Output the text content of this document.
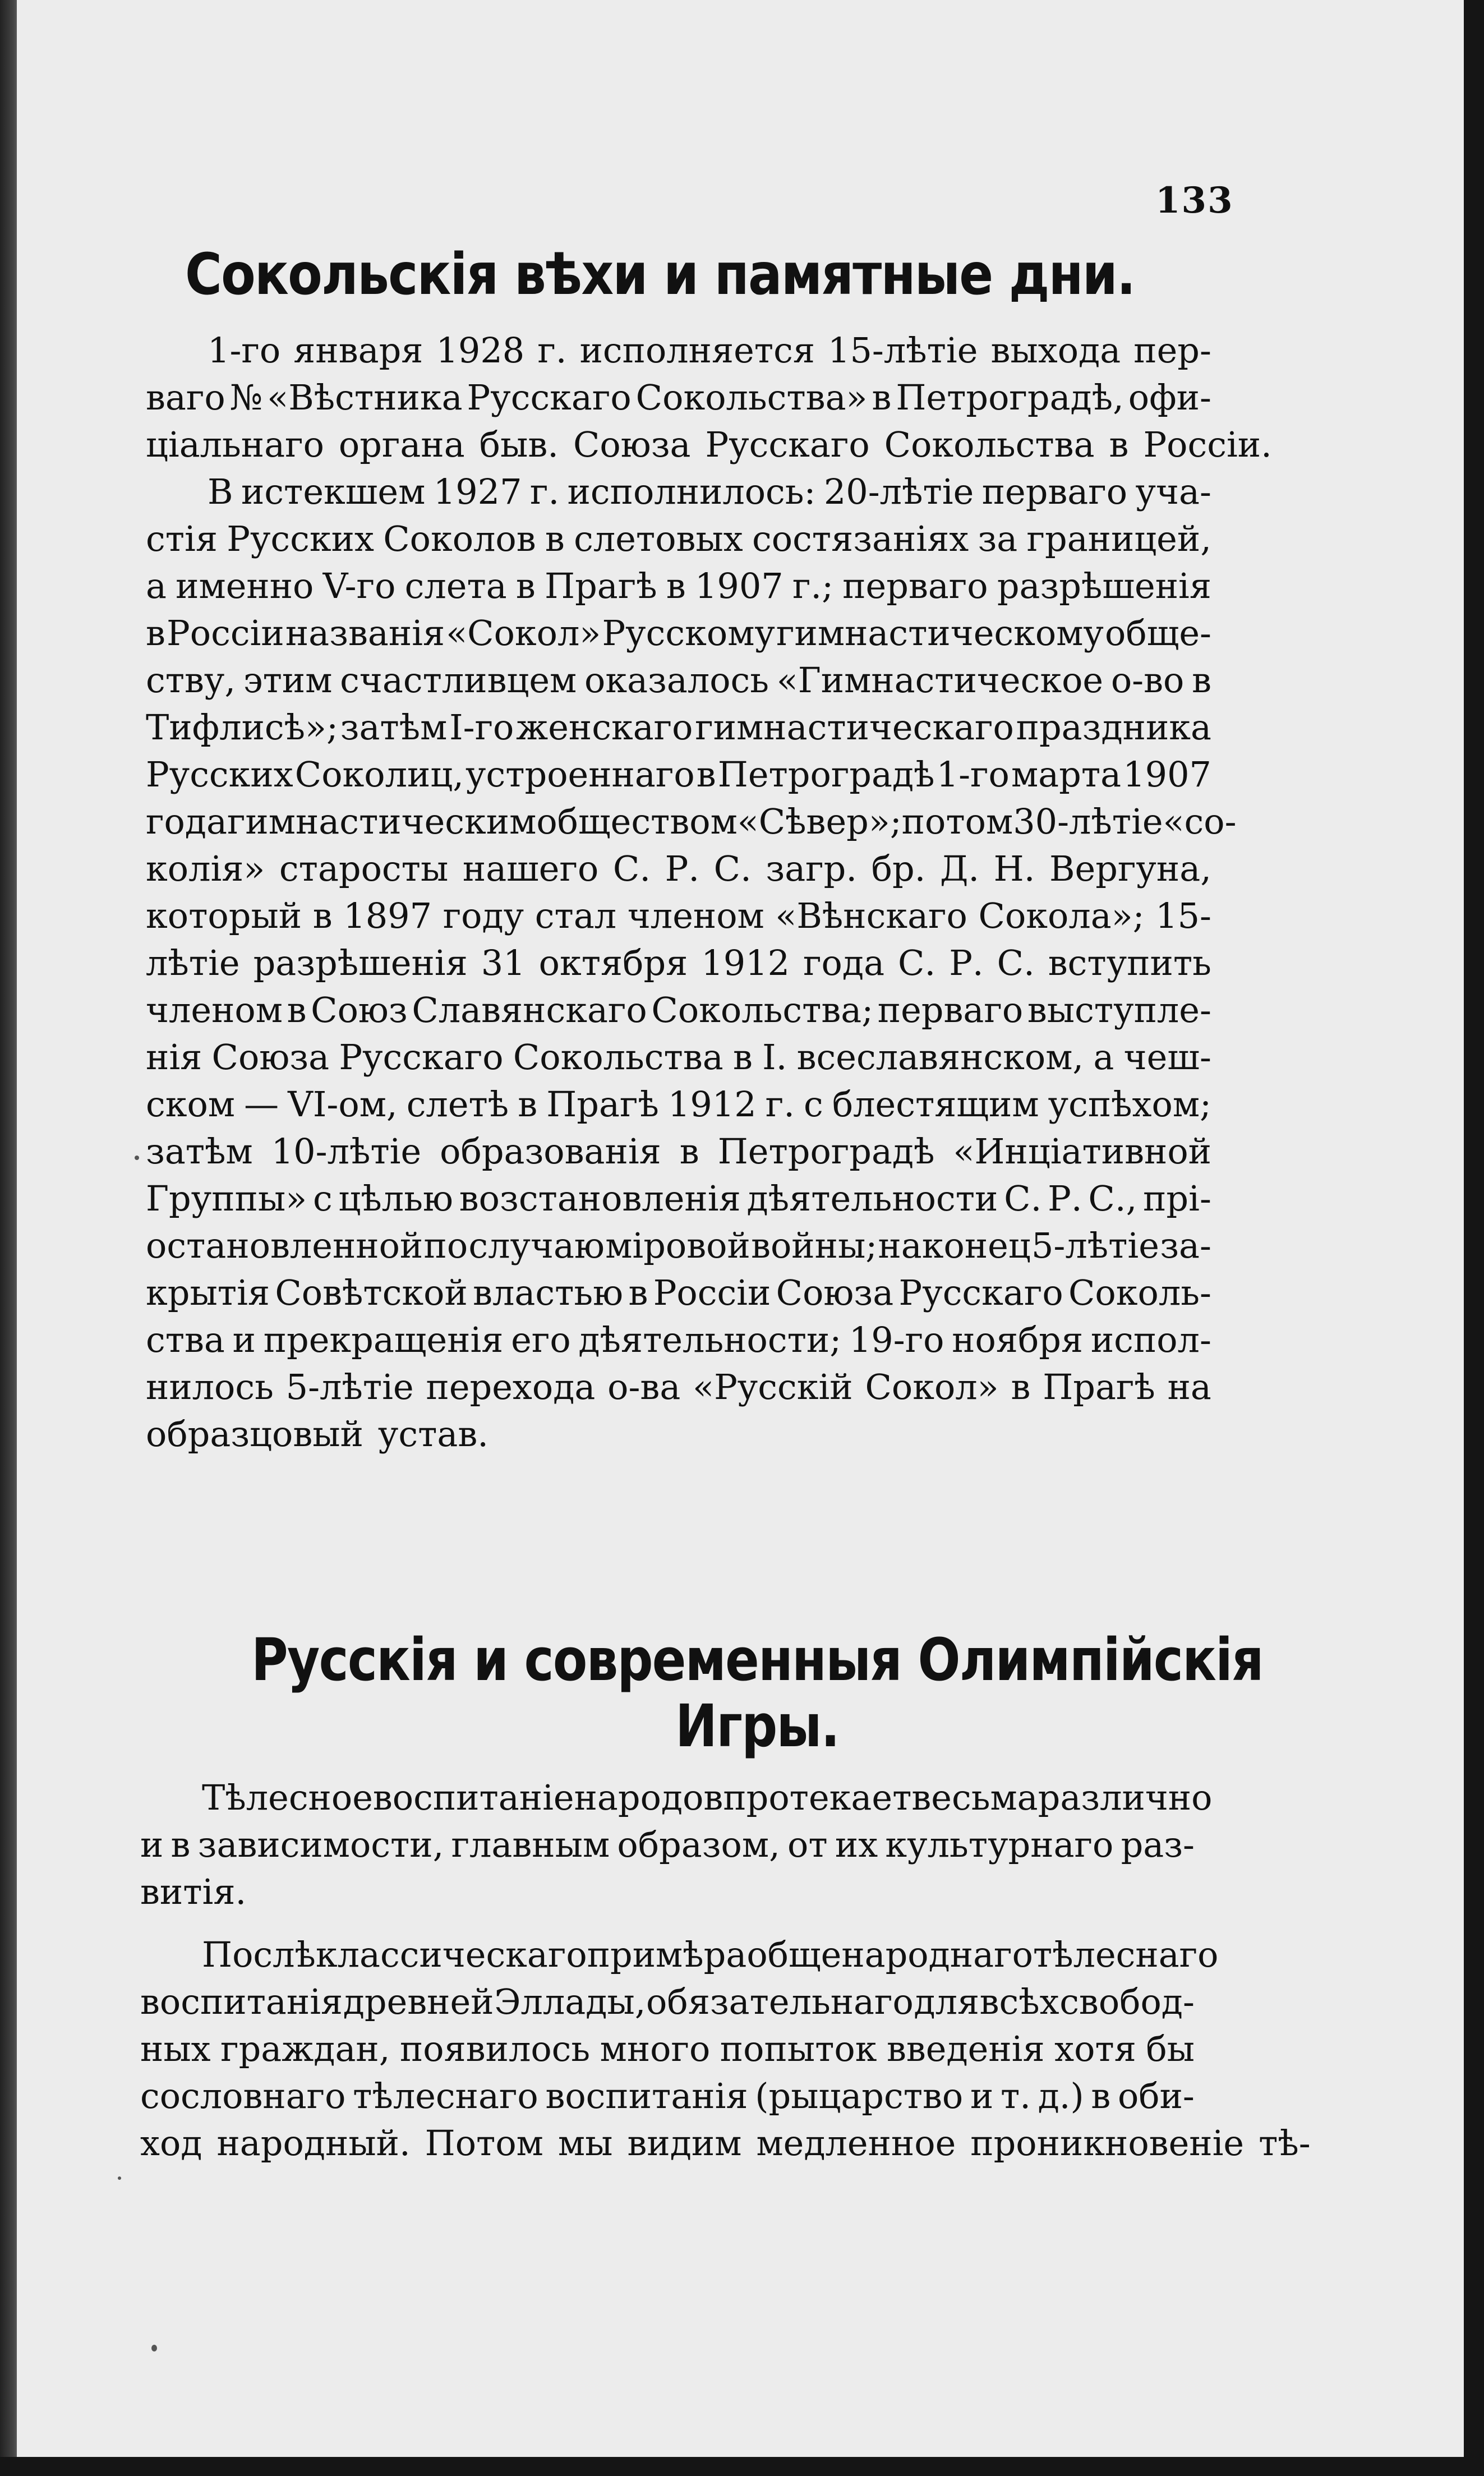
133
Сокольскія вѣхи и памятные дни.
1-го января 1928 г. исполняется 15-лѣтіе выхода пер-
ваго № «Вѣстника Русскаго Сокольства» в Петроградѣ, офи-
ціальнаго органа быв. Союза Русскаго Сокольства в Россіи.
В истекшем 1927 г. исполнилось: 20-лѣтіе перваго уча-
стія Русских Соколов в слетовых состязаніях за границей,
а именно V-го слета в Прагѣ в 1907 г.; перваго разрѣшенія
в Россіи названія «Сокол» Русскому гимнастическому обще-
ству, этим счастливцем оказалось «Гимнастическое о-во в
Тифлисѣ»; затѣм I-го женскаго гимнастическаго праздника
Русских Соколиц, устроеннаго в Петроградѣ 1-го марта 1907
года гимнастическим обществом «Сѣвер»; потом 30-лѣтіе «со-
колія» старосты нашего С. Р. С. загр. бр. Д. Н. Вергуна,
который в 1897 году стал членом «Вѣнскаго Сокола»; 15-
лѣтіе разрѣшенія 31 октября 1912 года С. Р. С. вступить
членом в Союз Славянскаго Сокольства; перваго выступле-
нія Союза Русскаго Сокольства в I. всеславянском, а чеш-
ском — VI-ом, слетѣ в Прагѣ 1912 г. с блестящим успѣхом;
затѣм 10-лѣтіе образованія в Петроградѣ «Инціативной
Группы» с цѣлью возстановленія дѣятельности С. Р. С., прі-
остановленной по случаю міровой войны; наконец 5-лѣтіе за-
крытія Совѣтской властью в Россіи Союза Русскаго Соколь-
ства и прекращенія его дѣятельности; 19-го ноября испол-
нилось 5-лѣтіе перехода о-ва «Русскій Сокол» в Прагѣ на
образцовый устав.
Русскія и современныя Олимпійскія
Игры.
Тѣлесное воспитаніе народов протекает весьма различно
и в зависимости, главным образом, от их культурнаго раз-
витія.
Послѣ классическаго примѣра общенароднаго тѣлеснаго
воспитанія древней Эллады, обязательнаго для всѣх свобод-
ных граждан, появилось много попыток введенія хотя бы
сословнаго тѣлеснаго воспитанія (рыцарство и т. д.) в оби-
ход народный. Потом мы видим медленное проникновеніе тѣ-
